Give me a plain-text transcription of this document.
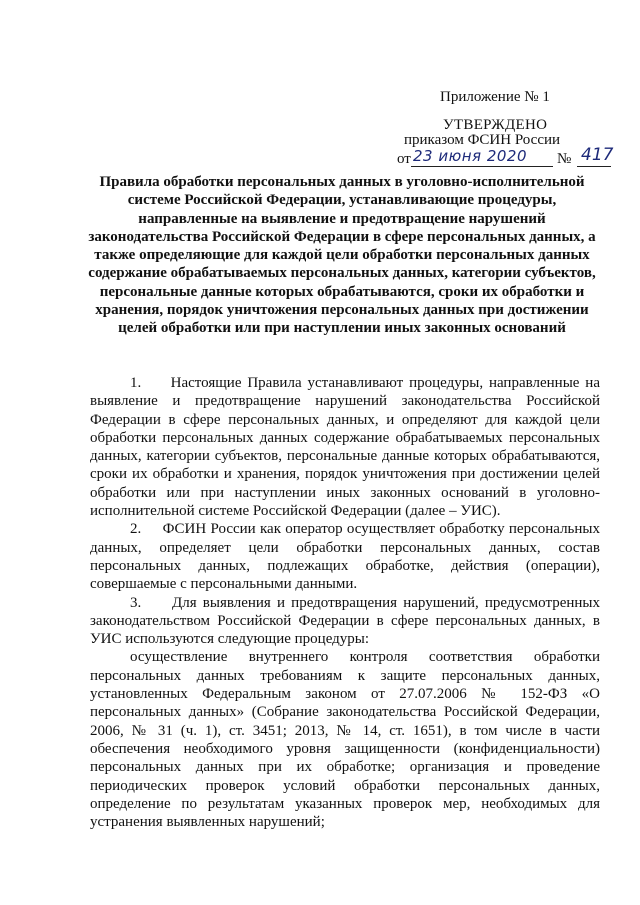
Приложение № 1
УТВЕРЖДЕНО
приказом ФСИН России
от 23 июня 2020 № 417
Правила обработки персональных данных в уголовно-исполнительной системе Российской Федерации, устанавливающие процедуры, направленные на выявление и предотвращение нарушений законодательства Российской Федерации в сфере персональных данных, а также определяющие для каждой цели обработки персональных данных содержание обрабатываемых персональных данных, категории субъектов, персональные данные которых обрабатываются, сроки их обработки и хранения, порядок уничтожения персональных данных при достижении целей обработки или при наступлении иных законных оснований

1.     Настоящие Правила устанавливают процедуры, направленные на выявление и предотвращение нарушений законодательства Российской Федерации в сфере персональных данных, и определяют для каждой цели обработки персональных данных содержание обрабатываемых персональных данных, категории субъектов, персональные данные которых обрабатываются, сроки их обработки и хранения, порядок уничтожения при достижении целей обработки или при наступлении иных законных оснований в уголовно-исполнительной системе Российской Федерации (далее – УИС).

2.     ФСИН России как оператор осуществляет обработку персональных данных, определяет цели обработки персональных данных, состав персональных данных, подлежащих обработке, действия (операции), совершаемые с персональными данными.

3.     Для выявления и предотвращения нарушений, предусмотренных законодательством Российской Федерации в сфере персональных данных, в УИС используются следующие процедуры:

осуществление внутреннего контроля соответствия обработки персональных данных требованиям к защите персональных данных, установленных Федеральным законом от 27.07.2006 № 152-ФЗ «О персональных данных» (Собрание законодательства Российской Федерации, 2006, № 31 (ч. 1), ст. 3451; 2013, № 14, ст. 1651), в том числе в части обеспечения необходимого уровня защищенности (конфиденциальности) персональных данных при их обработке; организация и проведение периодических проверок условий обработки персональных данных, определение по результатам указанных проверок мер, необходимых для устранения выявленных нарушений;
